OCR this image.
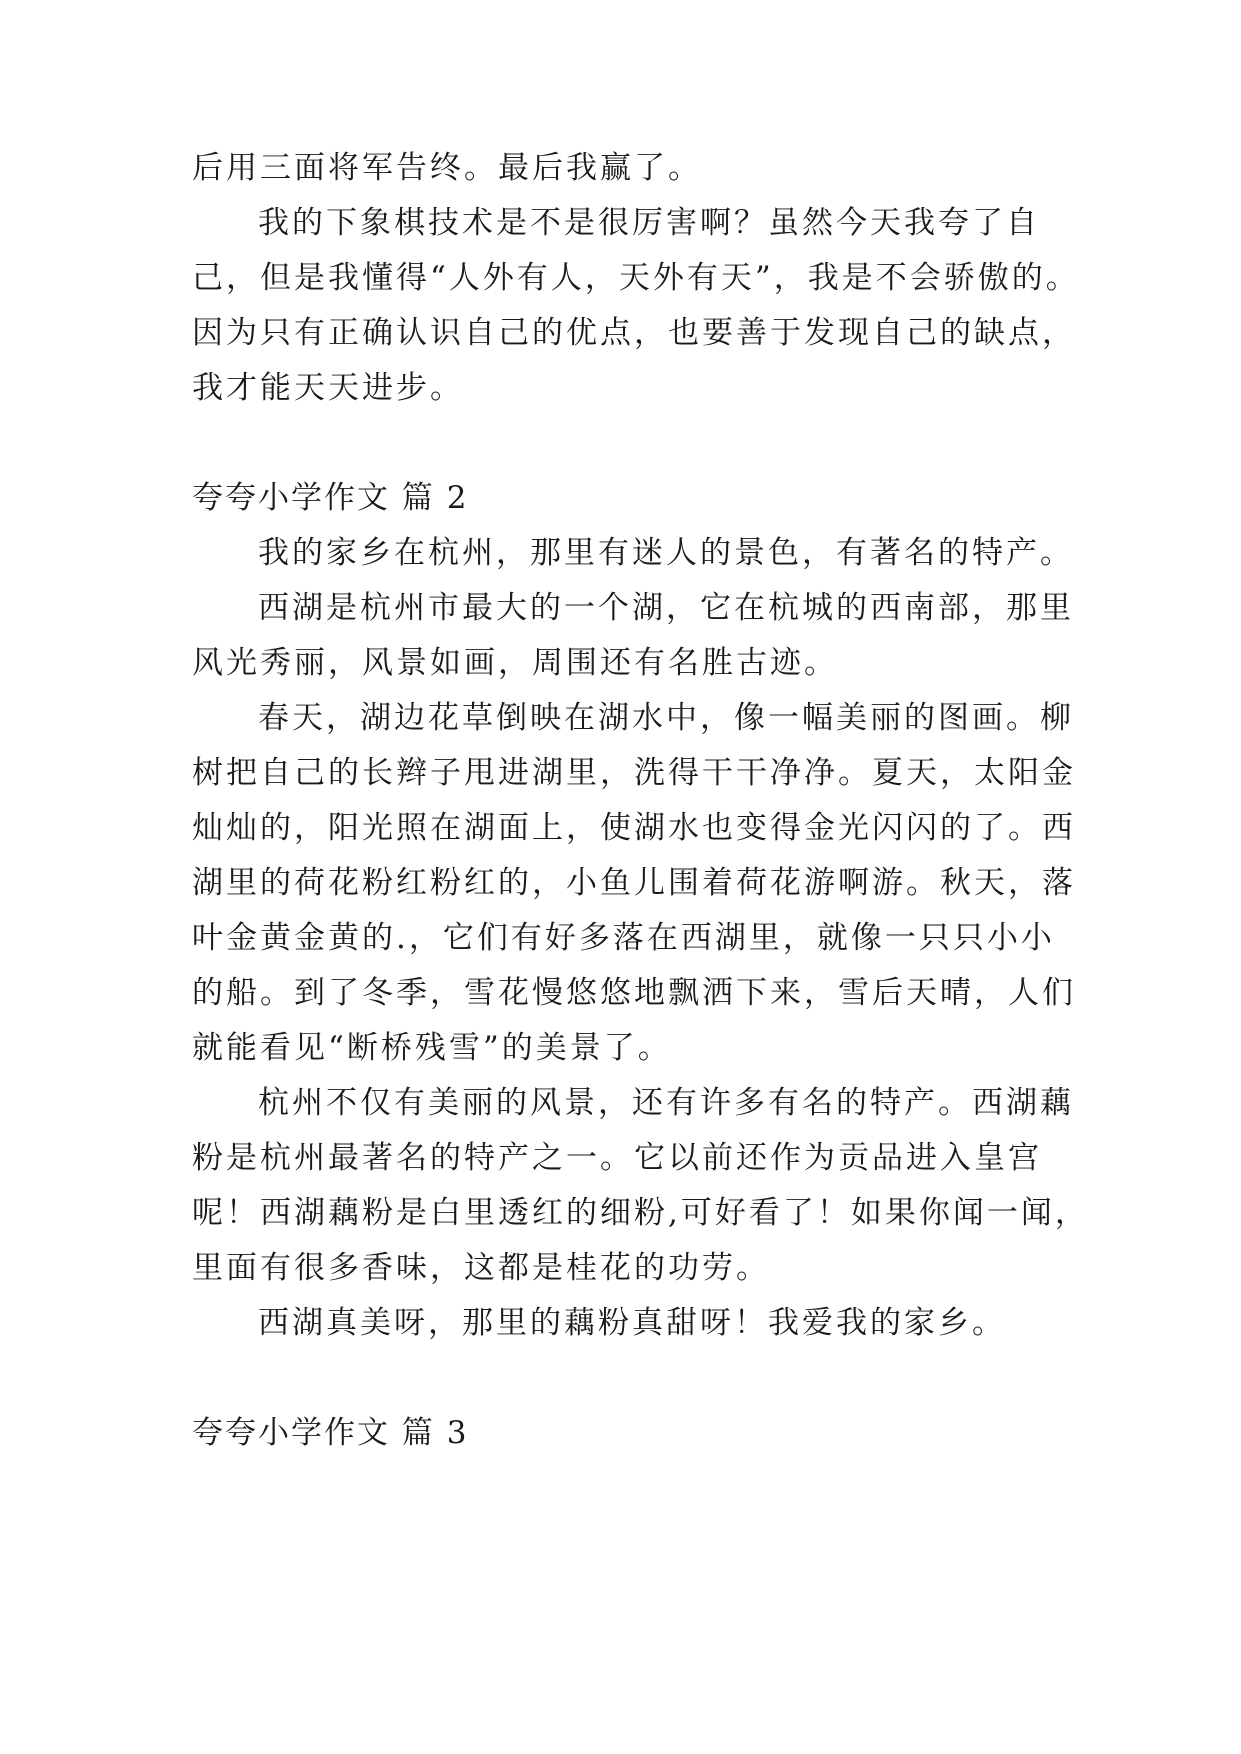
后用三面将军告终。最后我赢了。
我的下象棋技术是不是很厉害啊？虽然今天我夸了自
己，但是我懂得“人外有人，天外有天”，我是不会骄傲的。
因为只有正确认识自己的优点，也要善于发现自己的缺点，
我才能天天进步。
夸夸小学作文 篇 2
我的家乡在杭州，那里有迷人的景色，有著名的特产。
西湖是杭州市最大的一个湖，它在杭城的西南部，那里
风光秀丽，风景如画，周围还有名胜古迹。
春天，湖边花草倒映在湖水中，像一幅美丽的图画。柳
树把自己的长辫子甩进湖里，洗得干干净净。夏天，太阳金
灿灿的，阳光照在湖面上，使湖水也变得金光闪闪的了。西
湖里的荷花粉红粉红的，小鱼儿围着荷花游啊游。秋天，落
叶金黄金黄的.，它们有好多落在西湖里，就像一只只小小
的船。到了冬季，雪花慢悠悠地飘洒下来，雪后天晴，人们
就能看见“断桥残雪”的美景了。
杭州不仅有美丽的风景，还有许多有名的特产。西湖藕
粉是杭州最著名的特产之一。它以前还作为贡品进入皇宫
呢！西湖藕粉是白里透红的细粉,可好看了！如果你闻一闻，
里面有很多香味，这都是桂花的功劳。
西湖真美呀，那里的藕粉真甜呀！我爱我的家乡。
夸夸小学作文 篇 3
